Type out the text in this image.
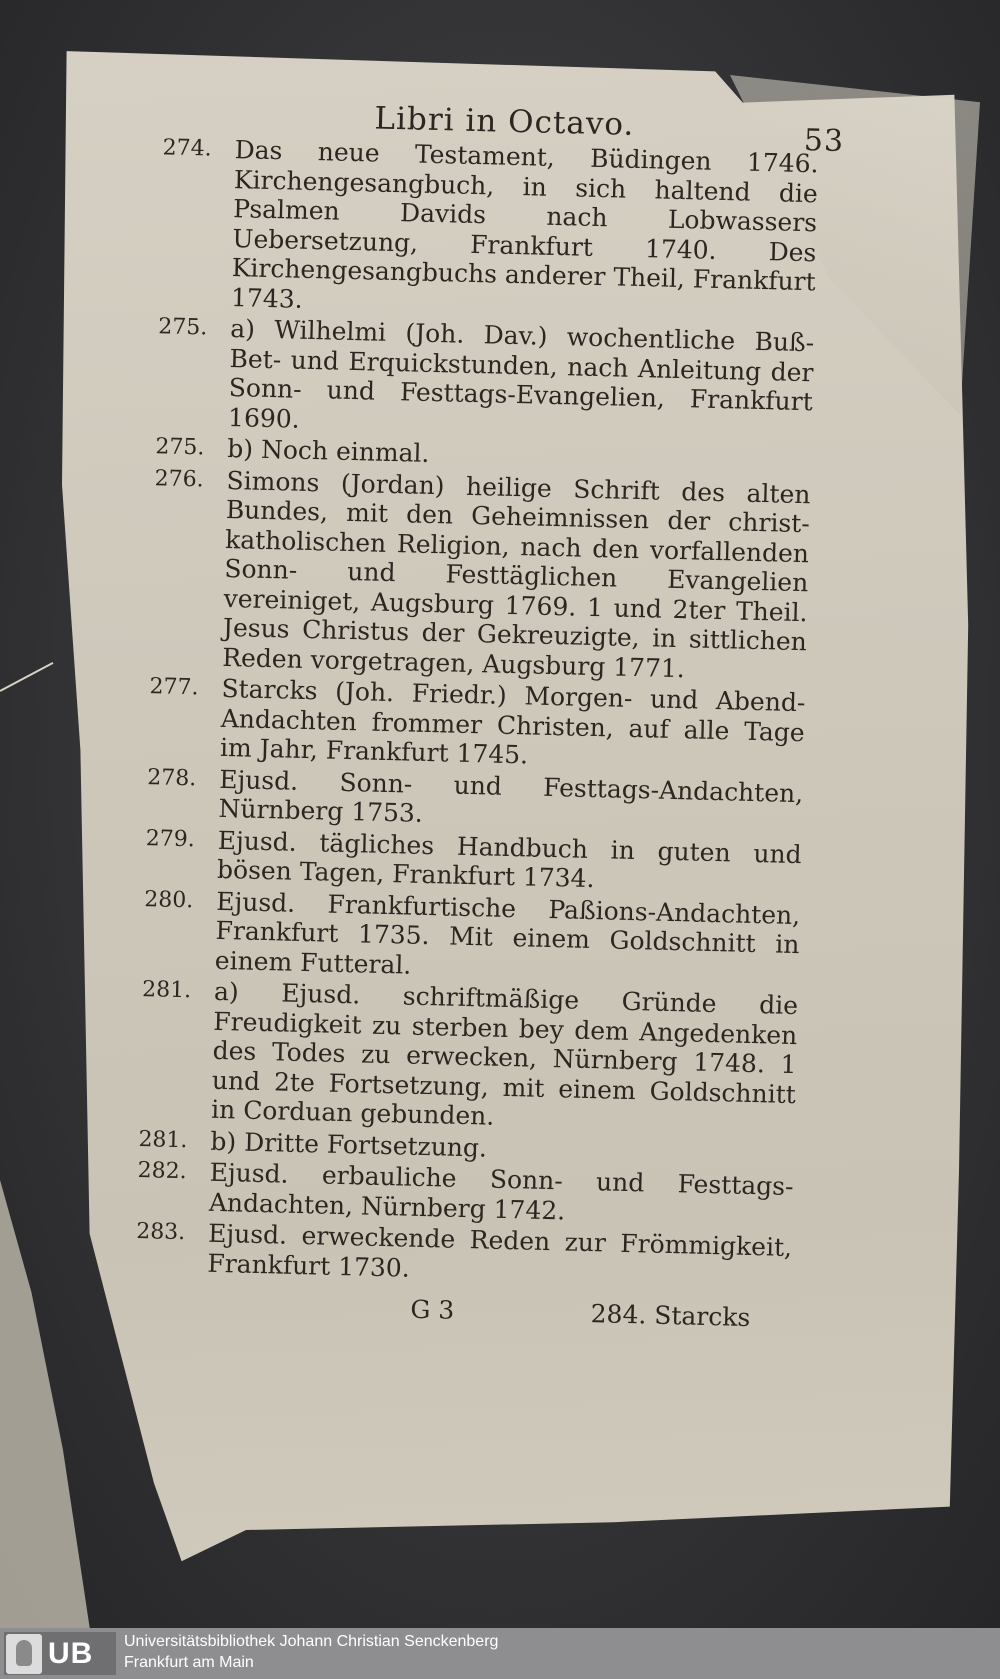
Libri in Octavo.	53
274. Das neue Testament, Büdingen 1746. Kirchengesangbuch, in sich haltend die Psalmen Davids nach Lobwassers Uebersetzung, Frankfurt 1740. Des Kirchengesangbuchs anderer Theil, Frankfurt 1743.
275. a) Wilhelmi (Joh. Dav.) wochentliche Buß- Bet- und Erquickstunden, nach Anleitung der Sonn- und Festtags-Evangelien, Frankfurt 1690.
275. b) Noch einmal.
276. Simons (Jordan) heilige Schrift des alten Bundes, mit den Geheimnissen der christ-katholischen Religion, nach den vorfallenden Sonn- und Festtäglichen Evangelien vereiniget, Augsburg 1769. 1 und 2ter Theil. Jesus Christus der Gekreuzigte, in sittlichen Reden vorgetragen, Augsburg 1771.
277. Starcks (Joh. Friedr.) Morgen- und Abend-Andachten frommer Christen, auf alle Tage im Jahr, Frankfurt 1745.
278. Ejusd. Sonn- und Festtags-Andachten, Nürnberg 1753.
279. Ejusd. tägliches Handbuch in guten und bösen Tagen, Frankfurt 1734.
280. Ejusd. Frankfurtische Paßions-Andachten, Frankfurt 1735. Mit einem Goldschnitt in einem Futteral.
281. a) Ejusd. schriftmäßige Gründe die Freudigkeit zu sterben bey dem Angedenken des Todes zu erwecken, Nürnberg 1748. 1 und 2te Fortsetzung, mit einem Goldschnitt in Corduan gebunden.
281. b) Dritte Fortsetzung.
282. Ejusd. erbauliche Sonn- und Festtags-Andachten, Nürnberg 1742.
283. Ejusd. erweckende Reden zur Frömmigkeit, Frankfurt 1730.
G 3	284. Starcks
UB Universitätsbibliothek Johann Christian Senckenberg
Frankfurt am Main
